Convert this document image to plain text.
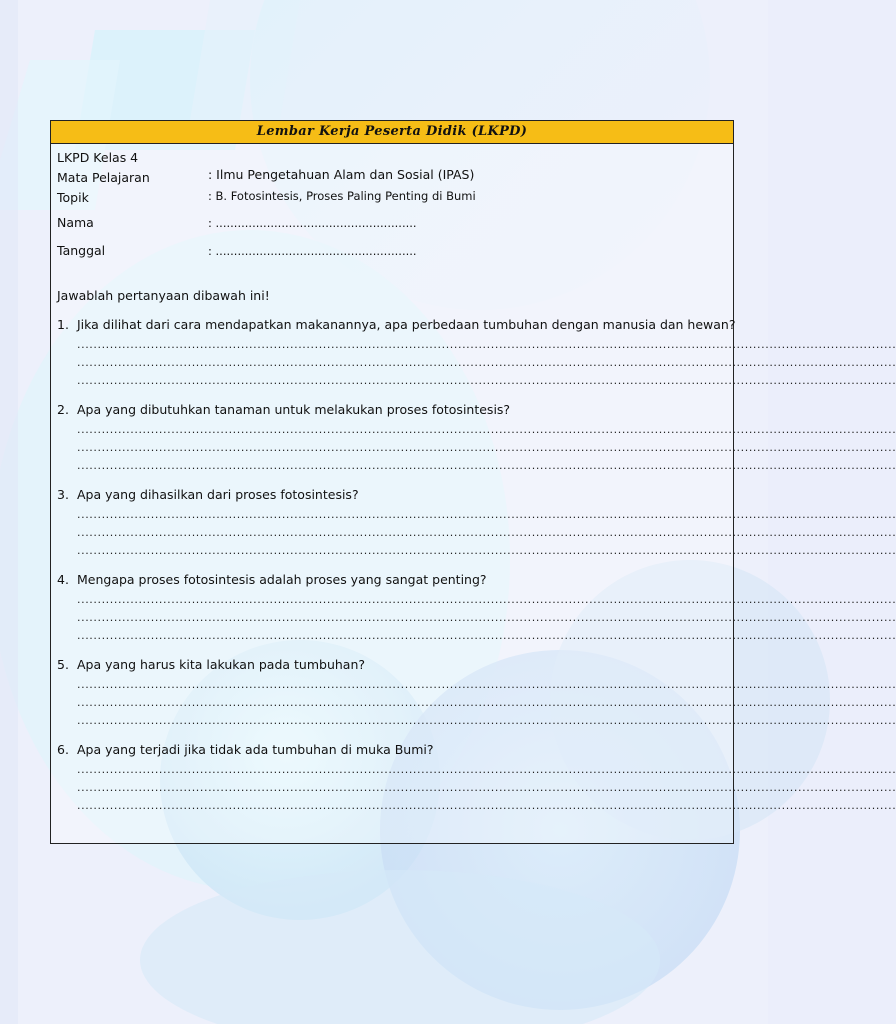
Lembar Kerja Peserta Didik (LKPD)
LKPD Kelas 4
Mata Pelajaran	: Ilmu Pengetahuan Alam dan Sosial (IPAS)
Topik	: B. Fotosintesis, Proses Paling Penting di Bumi
Nama	: .......................................................
Tanggal	: .......................................................
Jawablah pertanyaan dibawah ini!
1. Jika dilihat dari cara mendapatkan makanannya, apa perbedaan tumbuhan dengan manusia dan hewan?
........................................................................................................................................................................................................
........................................................................................................................................................................................................
........................................................................................................................................................................................................
2. Apa yang dibutuhkan tanaman untuk melakukan proses fotosintesis?
........................................................................................................................................................................................................
........................................................................................................................................................................................................
........................................................................................................................................................................................................
3. Apa yang dihasilkan dari proses fotosintesis?
........................................................................................................................................................................................................
........................................................................................................................................................................................................
........................................................................................................................................................................................................
4. Mengapa proses fotosintesis adalah proses yang sangat penting?
........................................................................................................................................................................................................
........................................................................................................................................................................................................
........................................................................................................................................................................................................
5. Apa yang harus kita lakukan pada tumbuhan?
........................................................................................................................................................................................................
........................................................................................................................................................................................................
........................................................................................................................................................................................................
6. Apa yang terjadi jika tidak ada tumbuhan di muka Bumi?
........................................................................................................................................................................................................
........................................................................................................................................................................................................
........................................................................................................................................................................................................
